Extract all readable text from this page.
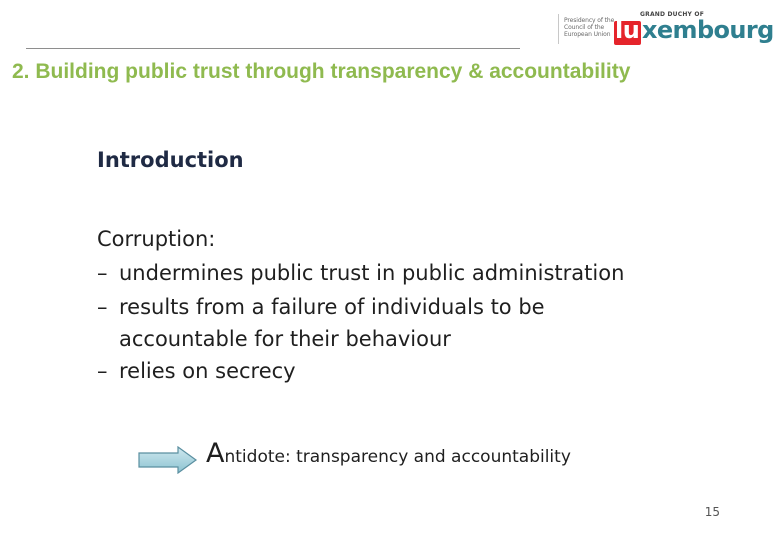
Presidency of the Council of the European Union
GRAND DUCHY OF
lu xembourg
2. Building public trust through transparency & accountability
Introduction
Corruption:
– undermines public trust in public administration
– results from a failure of individuals to be
accountable for their behaviour
– relies on secrecy
Antidote: transparency and accountability
15
